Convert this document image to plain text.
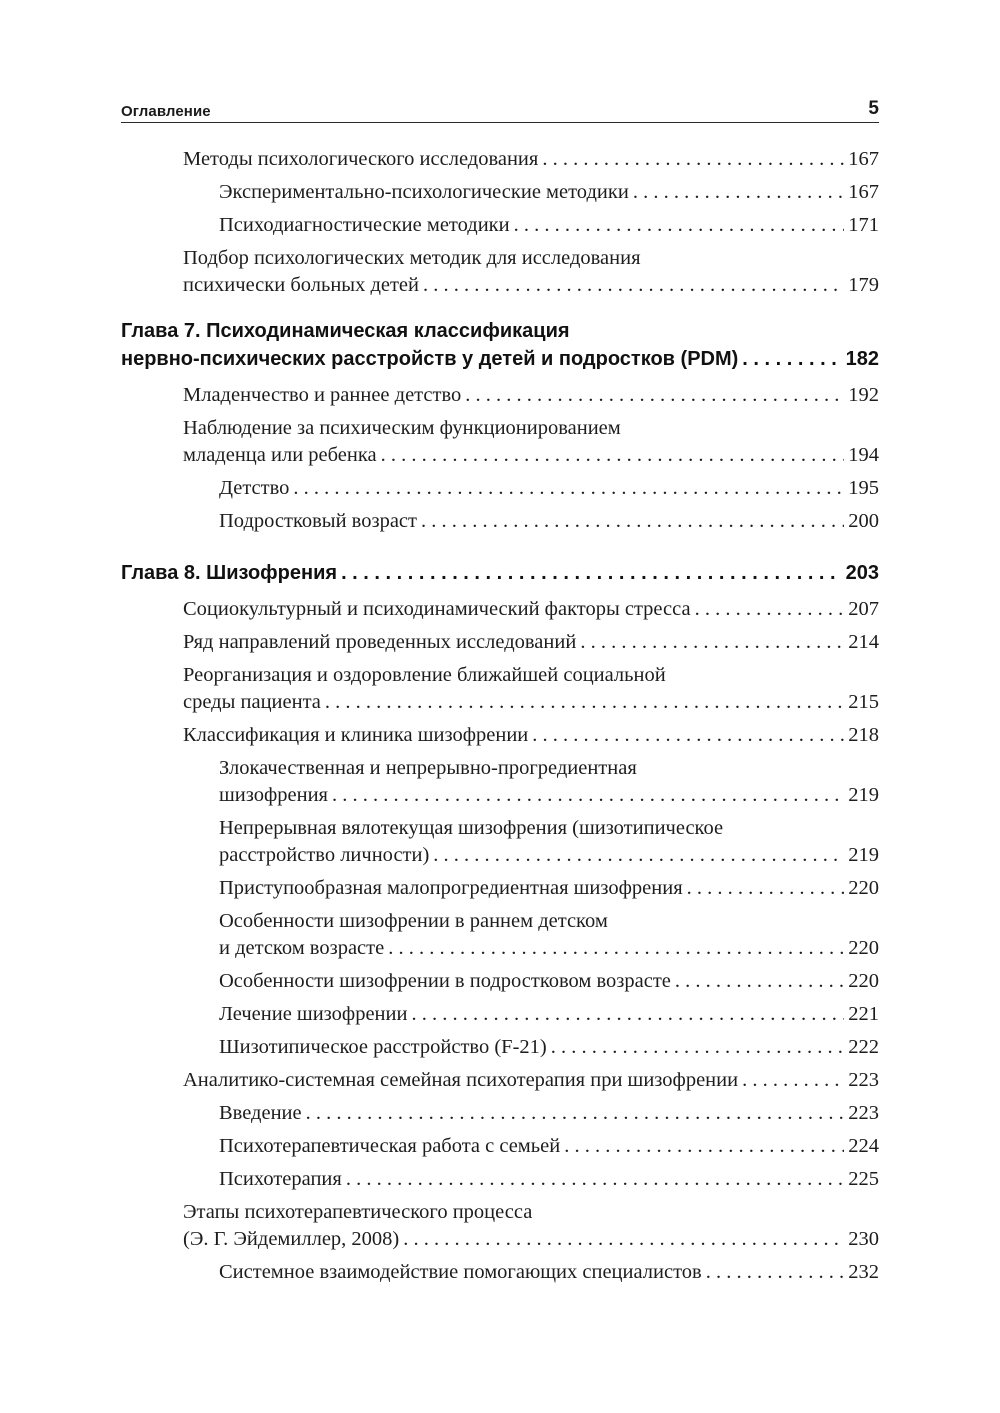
Оглавление	5
Методы психологического исследования . . .	167
Экспериментально-психологические методики . . .	167
Психодиагностические методики . . .	171
Подбор психологических методик для исследования
психически больных детей . . .	179
Глава 7. Психодинамическая классификация
нервно-психических расстройств у детей и подростков (PDM) . . .	182
Младенчество и раннее детство . . .	192
Наблюдение за психическим функционированием
младенца или ребенка . . .	194
Детство . . .	195
Подростковый возраст . . .	200
Глава 8. Шизофрения . . .	203
Социокультурный и психодинамический факторы стресса . . .	207
Ряд направлений проведенных исследований . . .	214
Реорганизация и оздоровление ближайшей социальной
среды пациента . . .	215
Классификация и клиника шизофрении . . .	218
Злокачественная и непрерывно-прогредиентная
шизофрения . . .	219
Непрерывная вялотекущая шизофрения (шизотипическое
расстройство личности) . . .	219
Приступообразная малопрогредиентная шизофрения . . .	220
Особенности шизофрении в раннем детском
и детском возрасте . . .	220
Особенности шизофрении в подростковом возрасте . . .	220
Лечение шизофрении . . .	221
Шизотипическое расстройство (F-21) . . .	222
Аналитико-системная семейная психотерапия при шизофрении . . .	223
Введение . . .	223
Психотерапевтическая работа с семьей . . .	224
Психотерапия . . .	225
Этапы психотерапевтического процесса
(Э. Г. Эйдемиллер, 2008) . . .	230
Системное взаимодействие помогающих специалистов . . .	232
